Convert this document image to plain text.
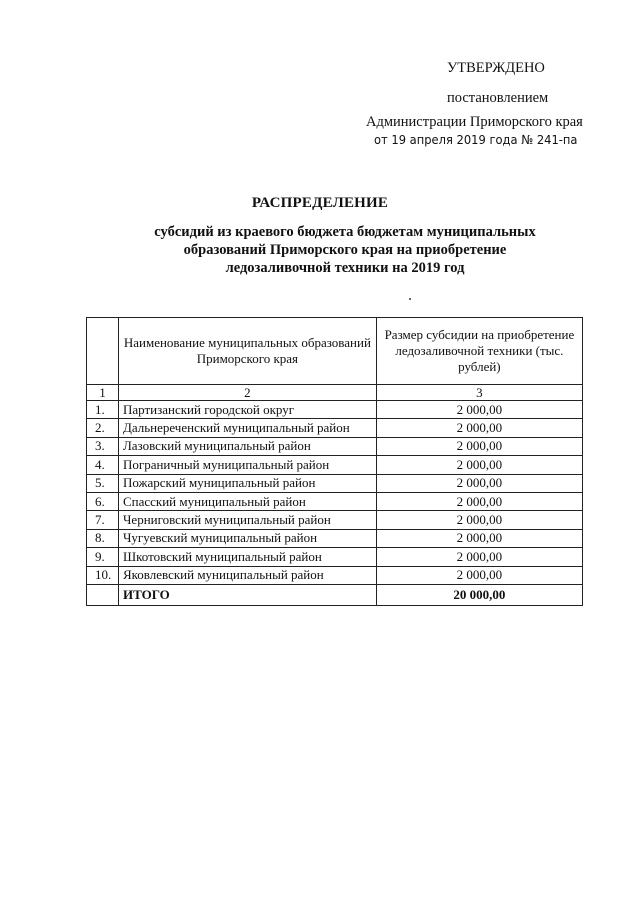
УТВЕРЖДЕНО
постановлением
Администрации Приморского края
от 19 апреля 2019 года № 241-па
РАСПРЕДЕЛЕНИЕ
субсидий из краевого бюджета бюджетам муниципальных
образований Приморского края на приобретение
ледозаливочной техники на 2019 год
	Наименование муниципальных образований Приморского края	Размер субсидии на приобретение ледозаливочной техники (тыс. рублей)
1	2	3
1.	Партизанский городской округ	2 000,00
2.	Дальнереченский муниципальный район	2 000,00
3.	Лазовский муниципальный район	2 000,00
4.	Пограничный муниципальный район	2 000,00
5.	Пожарский муниципальный район	2 000,00
6.	Спасский муниципальный район	2 000,00
7.	Черниговский муниципальный район	2 000,00
8.	Чугуевский муниципальный район	2 000,00
9.	Шкотовский муниципальный район	2 000,00
10.	Яковлевский муниципальный район	2 000,00
	ИТОГО	20 000,00
